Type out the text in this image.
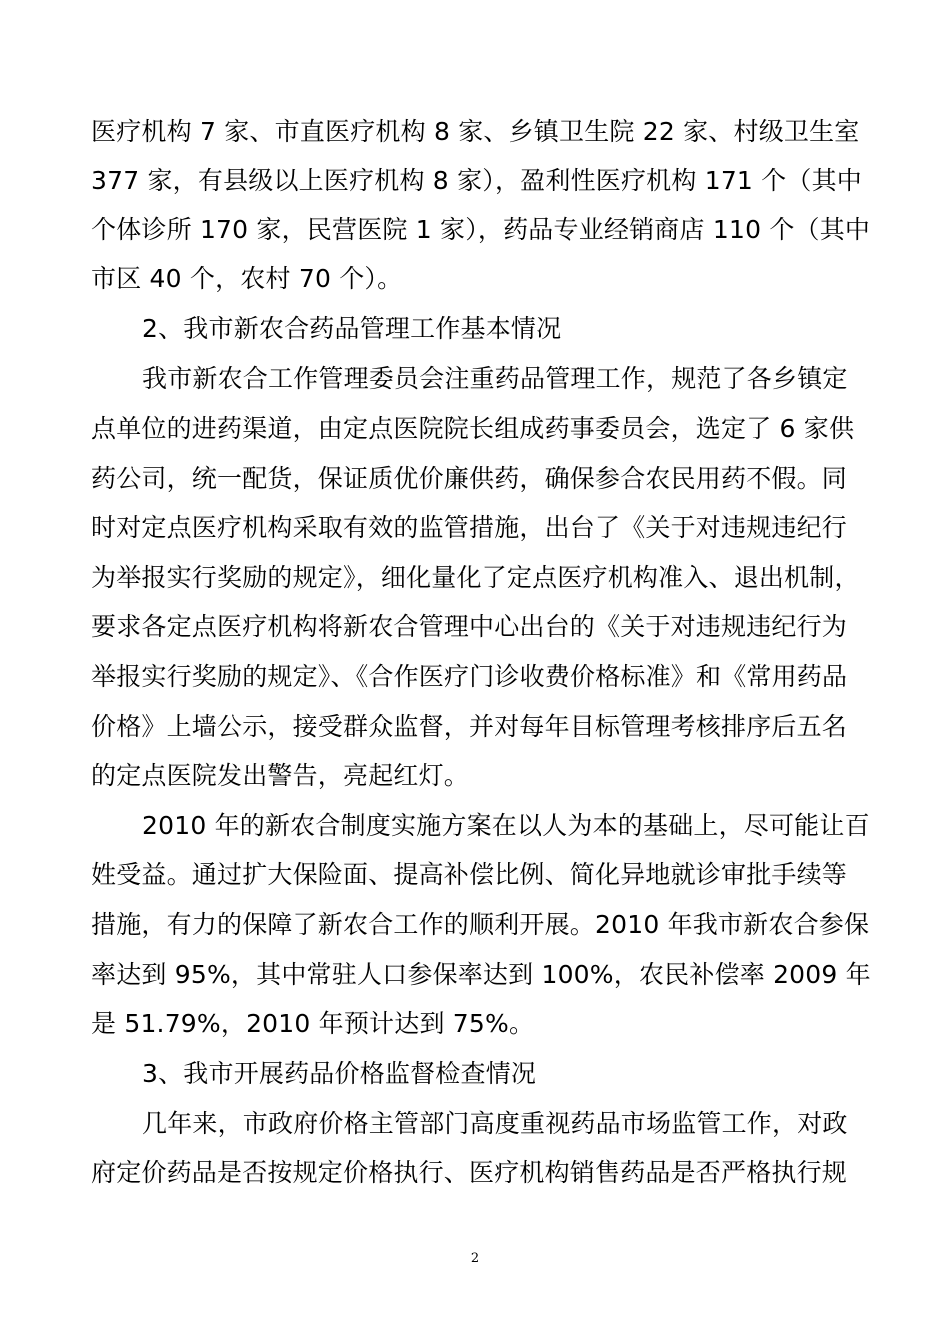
医疗机构 7 家、市直医疗机构 8 家、乡镇卫生院 22 家、村级卫生室
377 家，有县级以上医疗机构 8 家），盈利性医疗机构 171 个（其中
个体诊所 170 家，民营医院 1 家），药品专业经销商店 110 个（其中
市区 40 个，农村 70 个）。
2、我市新农合药品管理工作基本情况
我市新农合工作管理委员会注重药品管理工作，规范了各乡镇定
点单位的进药渠道，由定点医院院长组成药事委员会，选定了 6 家供
药公司，统一配货，保证质优价廉供药，确保参合农民用药不假。同
时对定点医疗机构采取有效的监管措施，出台了《关于对违规违纪行
为举报实行奖励的规定》，细化量化了定点医疗机构准入、退出机制，
要求各定点医疗机构将新农合管理中心出台的《关于对违规违纪行为
举报实行奖励的规定》、《合作医疗门诊收费价格标准》和《常用药品
价格》上墙公示，接受群众监督，并对每年目标管理考核排序后五名
的定点医院发出警告，亮起红灯。
2010 年的新农合制度实施方案在以人为本的基础上，尽可能让百
姓受益。通过扩大保险面、提高补偿比例、简化异地就诊审批手续等
措施，有力的保障了新农合工作的顺利开展。2010 年我市新农合参保
率达到 95%，其中常驻人口参保率达到 100%，农民补偿率 2009 年
是 51.79%，2010 年预计达到 75%。
3、我市开展药品价格监督检查情况
几年来，市政府价格主管部门高度重视药品市场监管工作，对政
府定价药品是否按规定价格执行、医疗机构销售药品是否严格执行规
2
